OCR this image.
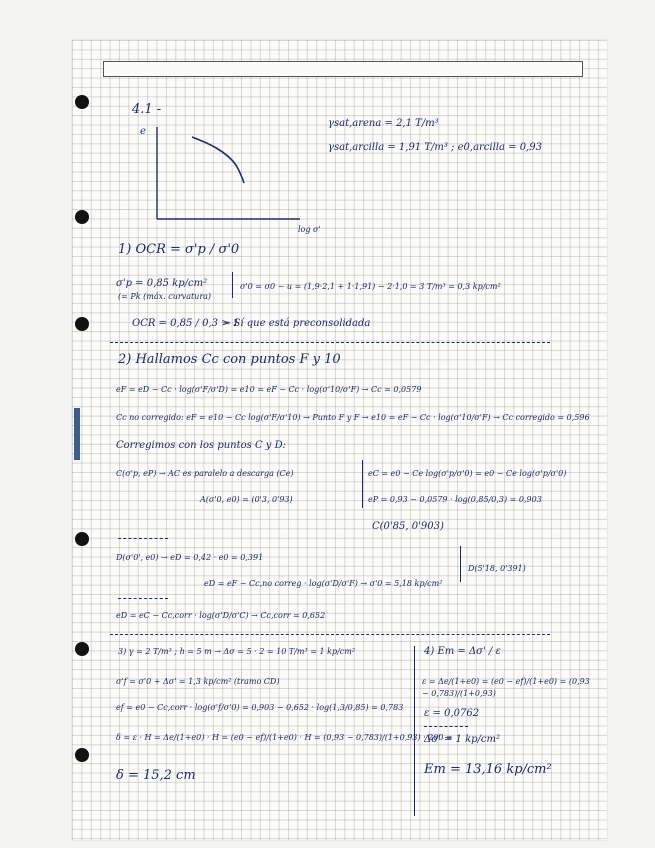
4.1 -
e
log σ'
γsat,arena = 2,1 T/m³
γsat,arcilla = 1,91 T/m³ ; e0,arcilla = 0,93
1) OCR = σ'p / σ'0
σ'p = 0,85 kp/cm²
(= Pk (máx. curvatura)
σ'0 = σ0 − u = (1,9·2,1 + 1·1,91) − 2·1,0 = 3 T/m³ = 0,3 kp/cm²
OCR = 0,85 / 0,3 > 1
→ Sí que está preconsolidada
2) Hallamos Cc con puntos F y 10
eF = eD − Cc · log(σ'F/σ'D) = e10 = eF − Cc · log(σ'10/σ'F) → Cc = 0,0579
Cc no corregido: eF = e10 − Cc log(σ'F/σ'10) → Punto F y F → e10 = eF − Cc · log(σ'10/σ'F) → Cc corregido = 0,596
Corregimos con los puntos C y D:
C(σ'p, eP) → AC es paralelo a descarga (Ce)	eC = e0 − Ce log(σ'p/σ'0) = e0 − Ce log(σ'p/σ'0)
A(σ'0, e0) = (0'3, 0'93)	eP = 0,93 − 0,0579 · log(0,85/0,3) = 0,903
C(0'85, 0'903)
D(σ'0', e0) → eD = 0,42 · e0 = 0,391
D(5'18, 0'391)
eD = eF − Cc,no correg · log(σ'D/σ'F) → σ'0 = 5,18 kp/cm²
eD = eC − Cc,corr · log(σ'D/σ'C) → Cc,corr = 0,652
3) γ = 2 T/m³ ; h = 5 m → Δσ = 5 · 2 = 10 T/m³ = 1 kp/cm²
σ'f = σ'0 + Δσ' = 1,3 kp/cm² (tramo CD)
ef = e0 − Cc,corr · log(σ'f/σ'0) = 0,903 − 0,652 · log(1,3/0,85) = 0,783
δ = ε · H = Δe/(1+e0) · H = (e0 − ef)/(1+e0) · H = (0,93 − 0,783)/(1+0,93) · 200 =
δ = 15,2 cm
4) Em = Δσ' / ε
ε = Δe/(1+e0) = (e0 − ef)/(1+e0) = (0,93 − 0,783)/(1+0,93)
ε = 0,0762
Δσ' = 1 kp/cm²
Em = 13,16 kp/cm²
